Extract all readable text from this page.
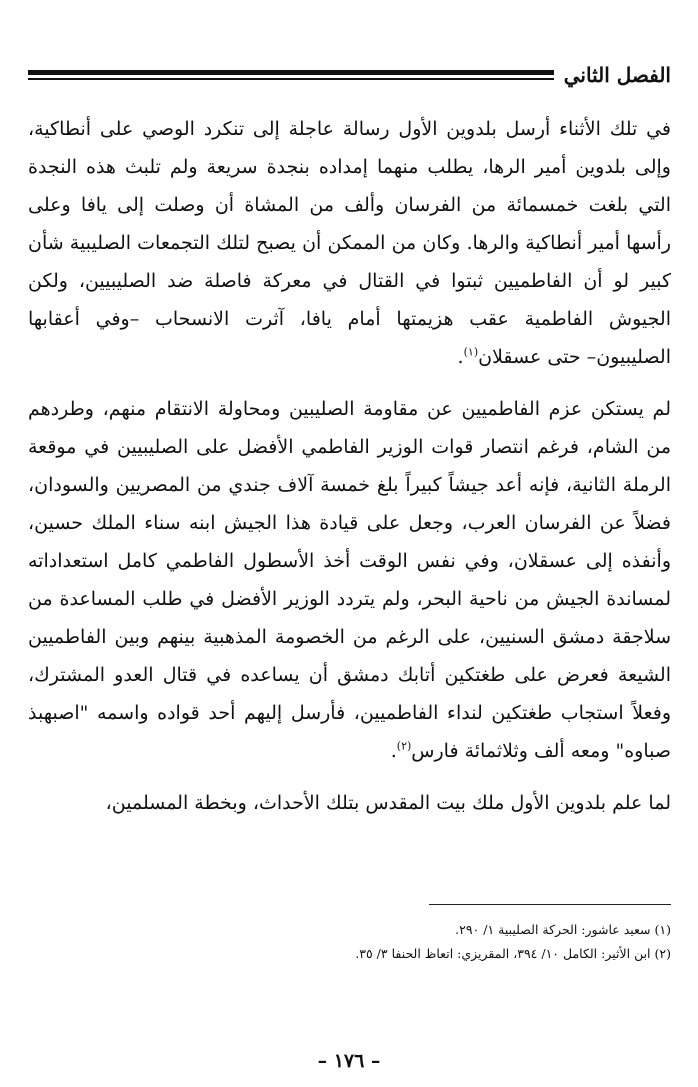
الفصل الثاني

في تلك الأثناء أرسل بلدوين الأول رسالة عاجلة إلى تنكرد الوصي على أنطاكية، وإلى بلدوين أمير الرها، يطلب منهما إمداده بنجدة سريعة ولم تلبث هذه النجدة التي بلغت خمسمائة من الفرسان وألف من المشاة أن وصلت إلى يافا وعلى رأسها أمير أنطاكية والرها. وكان من الممكن أن يصبح لتلك التجمعات الصليبية شأن كبير لو أن الفاطميين ثبتوا في القتال في معركة فاصلة ضد الصليبيين، ولكن الجيوش الفاطمية عقب هزيمتها أمام يافا، آثرت الانسحاب –وفي أعقابها الصليبيون– حتى عسقلان$^{(١)}$.

لم يستكن عزم الفاطميين عن مقاومة الصليبين ومحاولة الانتقام منهم، وطردهم من الشام، فرغم انتصار قوات الوزير الفاطمي الأفضل على الصليبيين في موقعة الرملة الثانية، فإنه أعد جيشاً كبيراً بلغ خمسة آلاف جندي من المصريين والسودان، فضلاً عن الفرسان العرب، وجعل على قيادة هذا الجيش ابنه سناء الملك حسين، وأنفذه إلى عسقلان، وفي نفس الوقت أخذ الأسطول الفاطمي كامل استعداداته لمساندة الجيش من ناحية البحر، ولم يتردد الوزير الأفضل في طلب المساعدة من سلاجقة دمشق السنيين، على الرغم من الخصومة المذهبية بينهم وبين الفاطميين الشيعة فعرض على طغتكين أتابك دمشق أن يساعده في قتال العدو المشترك، وفعلاً استجاب طغتكين لنداء الفاطميين، فأرسل إليهم أحد قواده واسمه "اصبهبذ صباوه" ومعه ألف وثلاثمائة فارس$^{(٢)}$.

لما علم بلدوين الأول ملك بيت المقدس بتلك الأحداث، وبخطة المسلمين،

(١) سعيد عاشور: الحركة الصليبية ١/ ٢٩٠.

(٢) ابن الأثير: الكامل ١٠/ ٣٩٤، المقريزي: اتعاظ الحنفا ٣/ ٣٥.

– ١٧٦ –
